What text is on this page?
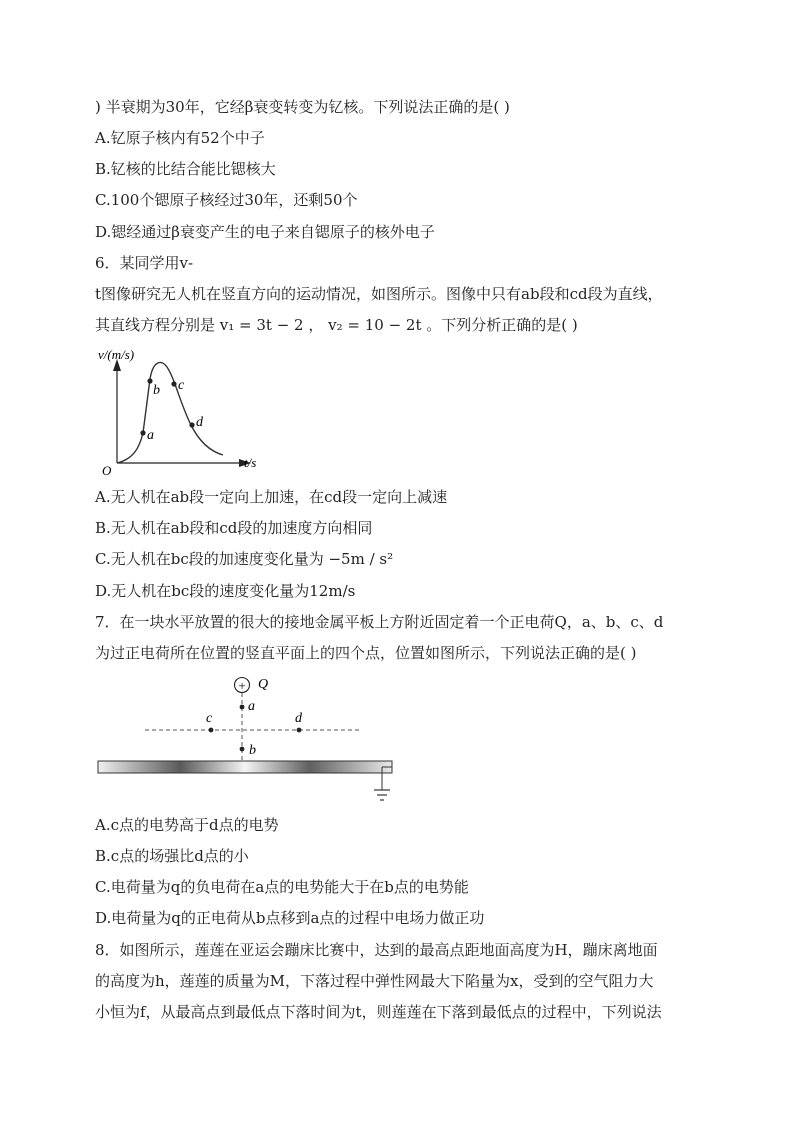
) 半衰期为30年，它经β衰变转变为钇核。下列说法正确的是( )
A.钇原子核内有52个中子
B.钇核的比结合能比锶核大
C.100个锶原子核经过30年，还剩50个
D.锶经通过β衰变产生的电子来自锶原子的核外电子
6．某同学用v-
t图像研究无人机在竖直方向的运动情况，如图所示。图像中只有ab段和cd段为直线，
其直线方程分别是 v₁ = 3t − 2 ， v₂ = 10 − 2t 。下列分析正确的是( )
v/(m/s)
t/s
O
a
b c
d
A.无人机在ab段一定向上加速，在cd段一定向上减速
B.无人机在ab段和cd段的加速度方向相同
C.无人机在bc段的加速度变化量为 −5m / s²
D.无人机在bc段的速度变化量为12m/s
7．在一块水平放置的很大的接地金属平板上方附近固定着一个正电荷Q，a、b、c、d
为过正电荷所在位置的竖直平面上的四个点，位置如图所示，下列说法正确的是( )
+ Q
a
b
c	d
A.c点的电势高于d点的电势
B.c点的场强比d点的小
C.电荷量为q的负电荷在a点的电势能大于在b点的电势能
D.电荷量为q的正电荷从b点移到a点的过程中电场力做正功
8．如图所示，莲莲在亚运会蹦床比赛中，达到的最高点距地面高度为H，蹦床离地面
的高度为h，莲莲的质量为M，下落过程中弹性网最大下陷量为x，受到的空气阻力大
小恒为f，从最高点到最低点下落时间为t，则莲莲在下落到最低点的过程中，下列说法
